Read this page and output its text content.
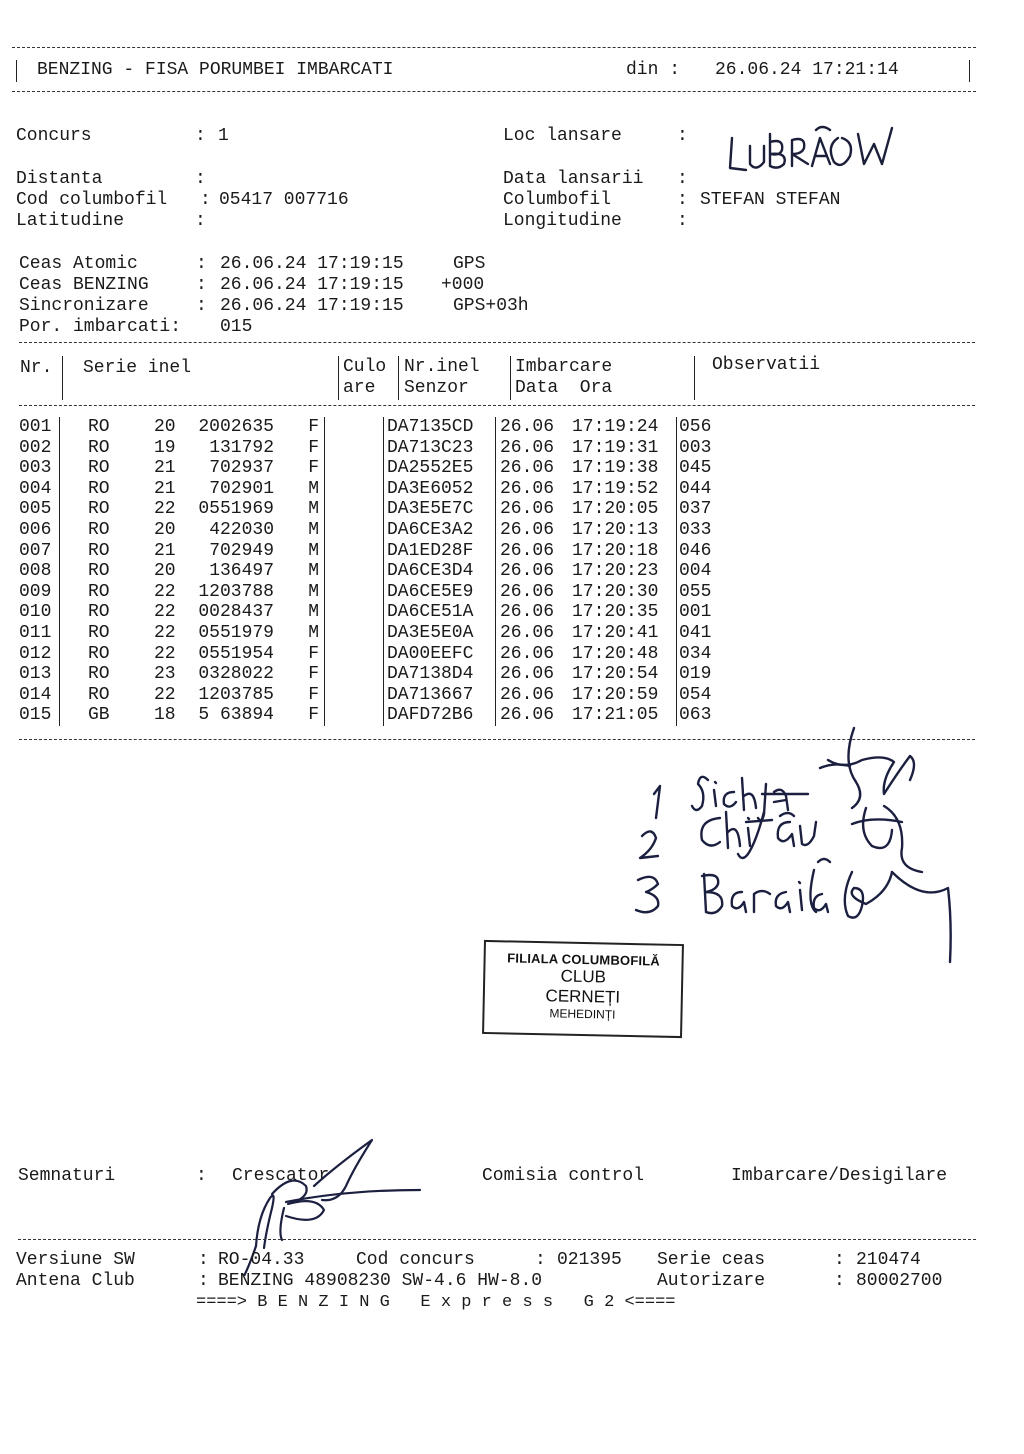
BENZING - FISA PORUMBEI IMBARCATI	din : 26.06.24 17:21:14
Concurs	: 1
Distanta	:
Cod columbofil : 05417 007716
Latitudine	:
Loc lansare	:
Data lansarii :
Columbofil	: STEFAN STEFAN
Longitudine	:
Ceas Atomic	: 26.06.24 17:19:15	GPS
Ceas BENZING	: 26.06.24 17:19:15 +000
Sincronizare	: 26.06.24 17:19:15	GPS+03h
Por. imbarcati: 015
Nr. Serie inel	Culo
are
Nr.inel
Senzor
Imbarcare
Data  Ora
Observatii
001			RO	20	2002635	F			DA7135CD	26.06	17:19:24	056
002			RO	19	131792	F			DA713C23	26.06	17:19:31	003
003			RO	21	702937	F			DA2552E5	26.06	17:19:38	045
004			RO	21	702901	M			DA3E6052	26.06	17:19:52	044
005			RO	22	0551969	M			DA3E5E7C	26.06	17:20:05	037
006			RO	20	422030	M			DA6CE3A2	26.06	17:20:13	033
007			RO	21	702949	M			DA1ED28F	26.06	17:20:18	046
008			RO	20	136497	M			DA6CE3D4	26.06	17:20:23	004
009			RO	22	1203788	M			DA6CE5E9	26.06	17:20:30	055
010			RO	22	0028437	M			DA6CE51A	26.06	17:20:35	001
011			RO	22	0551979	M			DA3E5E0A	26.06	17:20:41	041
012			RO	22	0551954	F			DA00EEFC	26.06	17:20:48	034
013			RO	23	0328022	F			DA7138D4	26.06	17:20:54	019
014			RO	22	1203785	F			DA713667	26.06	17:20:59	054
015			GB	18	5 63894	F			DAFD72B6	26.06	17:21:05	063
FILIALA COLUMBOFILĂ
CLUB
CERNEȚI
MEHEDINȚI
Semnaturi	: Crescator	Comisia control	Imbarcare/Desigilare
Versiune SW	: RO-04.33	Cod concurs	: 021395 Serie ceas	: 210474
Antena Club	: BENZING 48908230 SW-4.6 HW-8.0	Autorizare	: 80002700
====> B E N Z I N G   E x p r e s s   G 2 <====
